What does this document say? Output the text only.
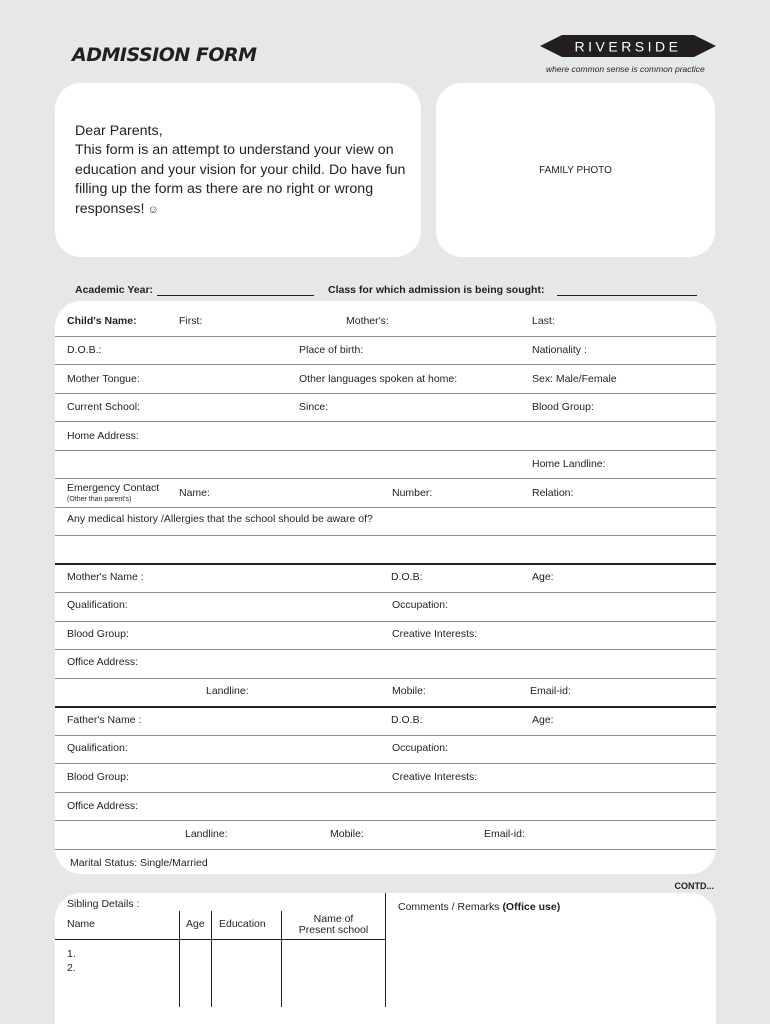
ADMISSION FORM	RIVERSIDE
where common sense is common practice

Dear Parents,
This form is an attempt to understand your view on education and your vision for your child. Do have fun filling up the form as there are no right or wrong responses! ☺

FAMILY PHOTO
Academic Year:	Class for which admission is being sought:
Child's Name:	First:	Mother's:	Last:
D.O.B.:	Place of birth:	Nationality :
Mother Tongue:	Other languages spoken at home:	Sex: Male/Female
Current School:	Since:	Blood Group:
Home Address:
Home Landline:
Emergency Contact
(Other than parent's)
Name:	Number:	Relation:
Any medical history /Allergies that the school should be aware of?
Mother's Name :	D.O.B:	Age:
Qualification:	Occupation:
Blood Group:	Creative Interests:
Office Address:
Landline:	Mobile:	Email-id:
Father's Name :	D.O.B:	Age:
Qualification:	Occupation:
Blood Group:	Creative Interests:
Office Address:
Landline:	Mobile:	Email-id:
Marital Status: Single/Married
CONTD...
Sibling Details :
Name	Age Education	Name of
Present school
1.
2.
Comments / Remarks (Office use)
